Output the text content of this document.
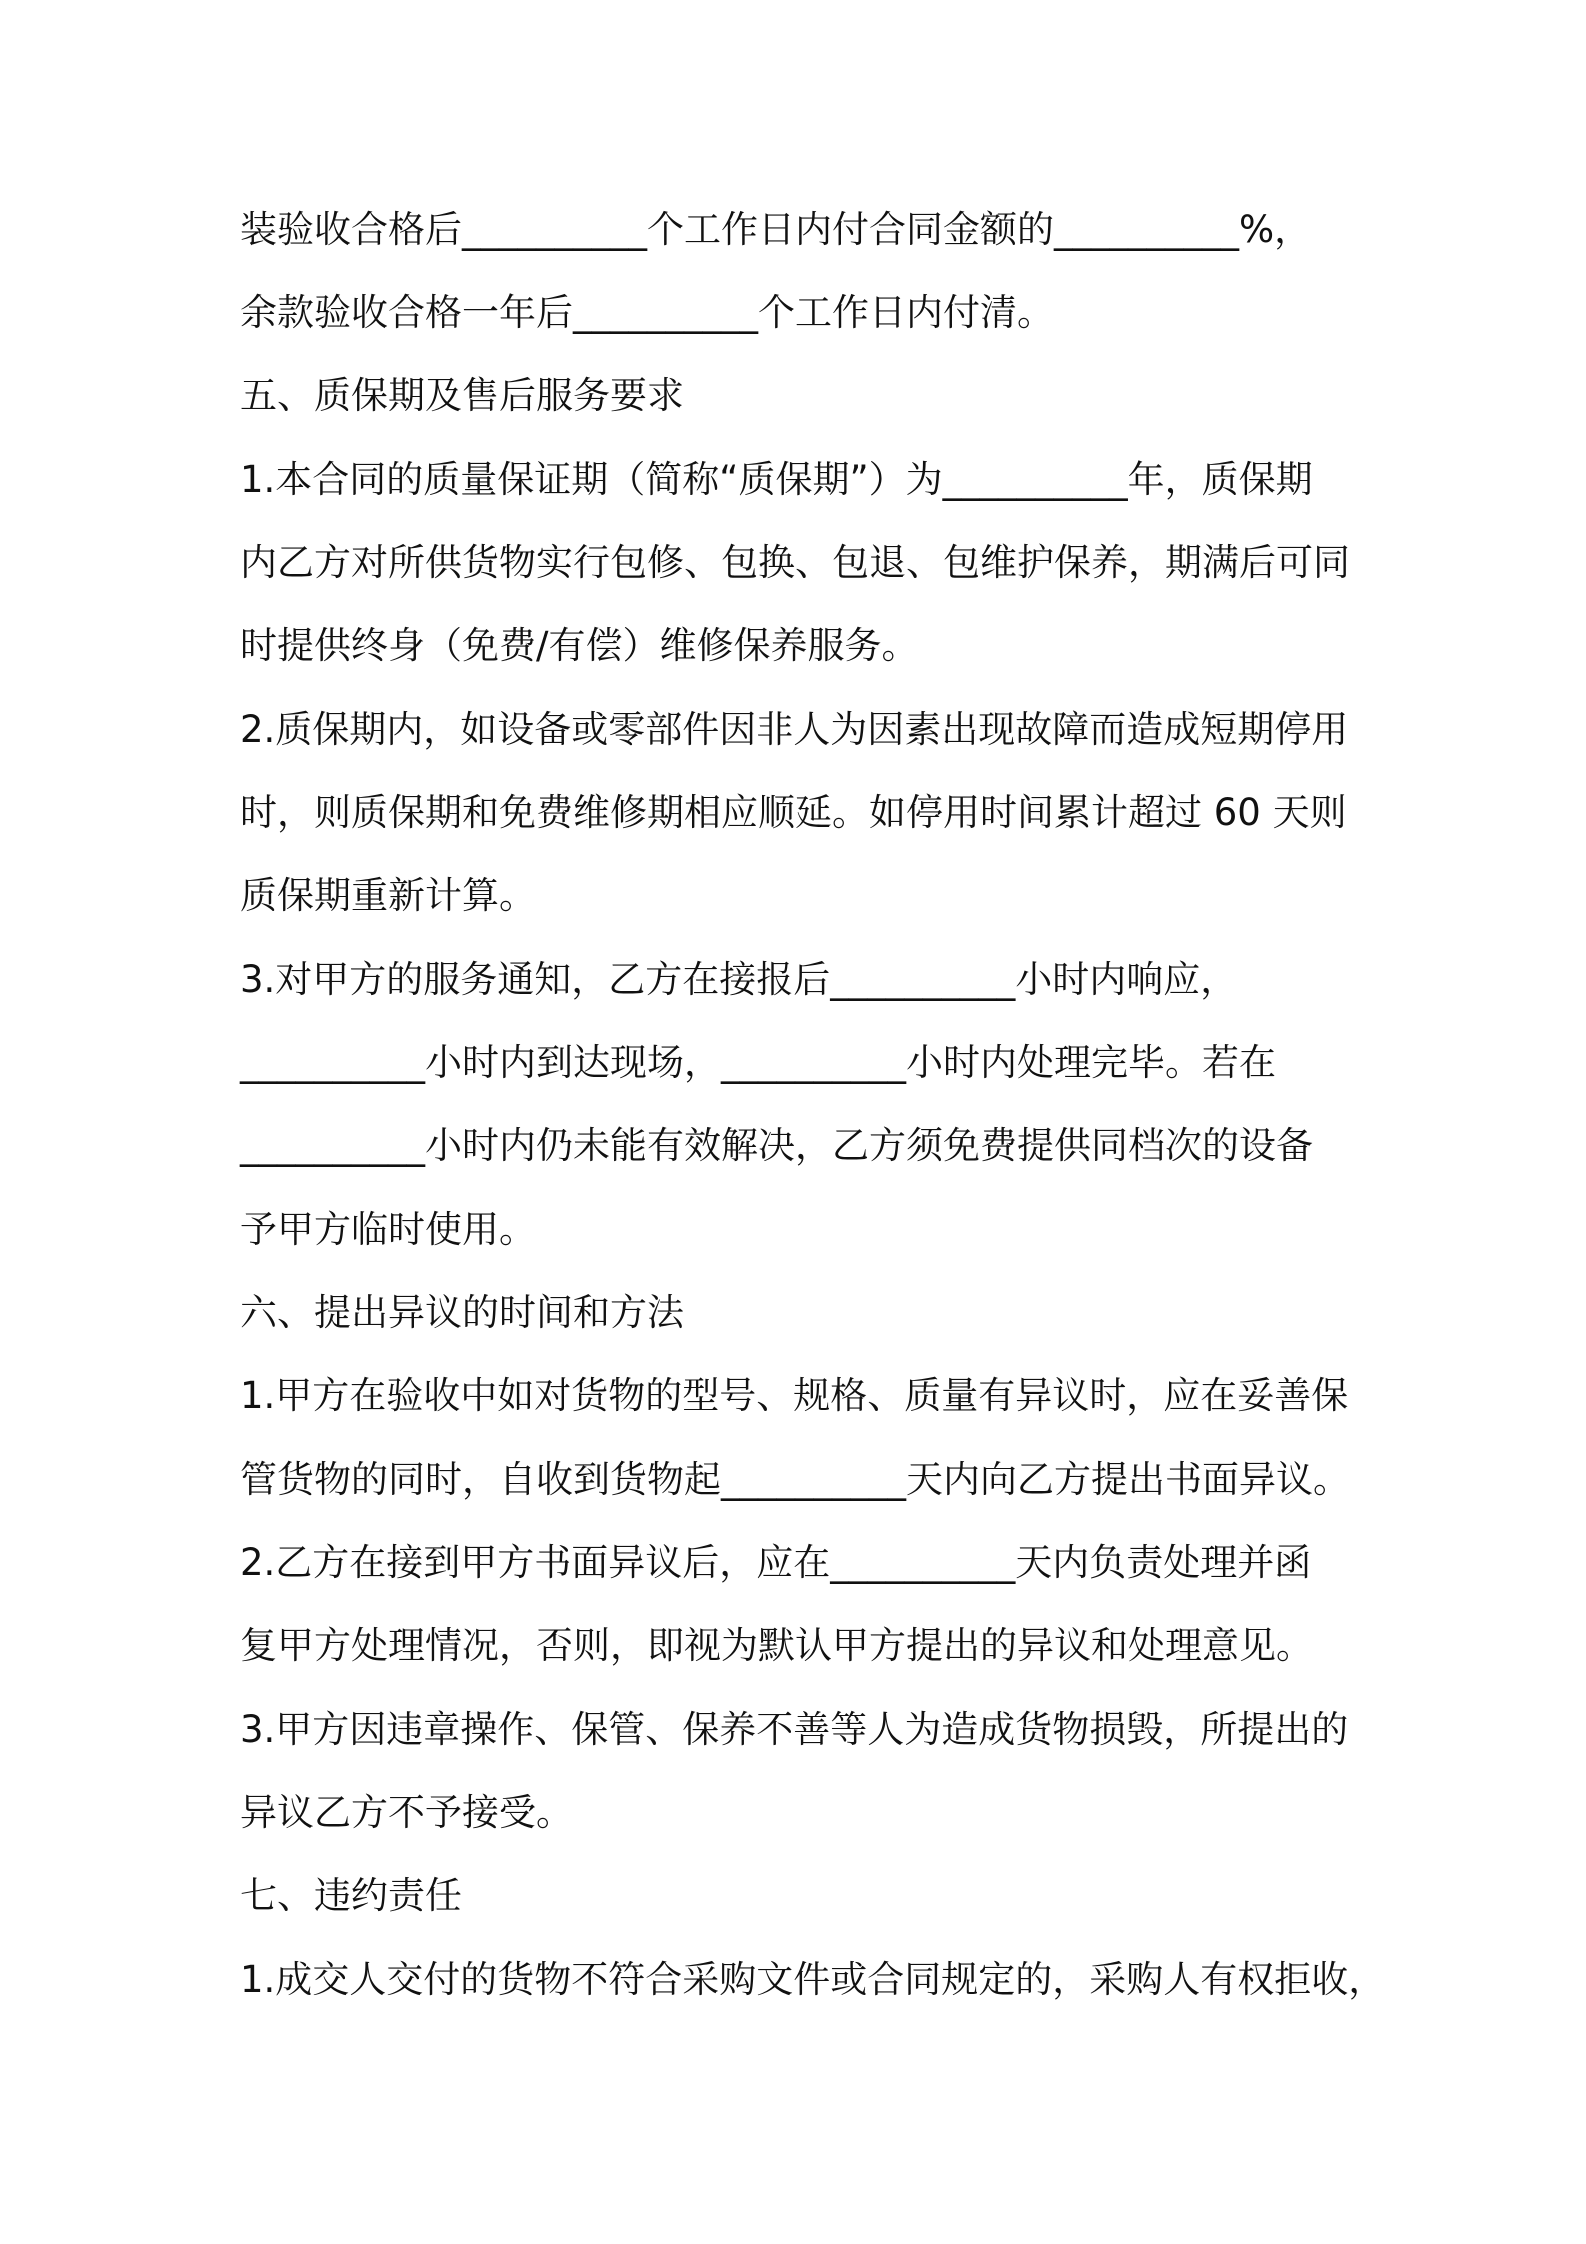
装验收合格后__________个工作日内付合同金额的__________%，
余款验收合格一年后__________个工作日内付清。
五、质保期及售后服务要求
1.本合同的质量保证期（简称“质保期”）为__________年，质保期
内乙方对所供货物实行包修、包换、包退、包维护保养，期满后可同
时提供终身（免费/有偿）维修保养服务。
2.质保期内，如设备或零部件因非人为因素出现故障而造成短期停用
时，则质保期和免费维修期相应顺延。如停用时间累计超过 60 天则
质保期重新计算。
3.对甲方的服务通知，乙方在接报后__________小时内响应，
__________小时内到达现场，__________小时内处理完毕。若在
__________小时内仍未能有效解决，乙方须免费提供同档次的设备
予甲方临时使用。
六、提出异议的时间和方法
1.甲方在验收中如对货物的型号、规格、质量有异议时，应在妥善保
管货物的同时，自收到货物起__________天内向乙方提出书面异议。
2.乙方在接到甲方书面异议后，应在__________天内负责处理并函
复甲方处理情况，否则，即视为默认甲方提出的异议和处理意见。
3.甲方因违章操作、保管、保养不善等人为造成货物损毁，所提出的
异议乙方不予接受。
七、违约责任
1.成交人交付的货物不符合采购文件或合同规定的，采购人有权拒收，
